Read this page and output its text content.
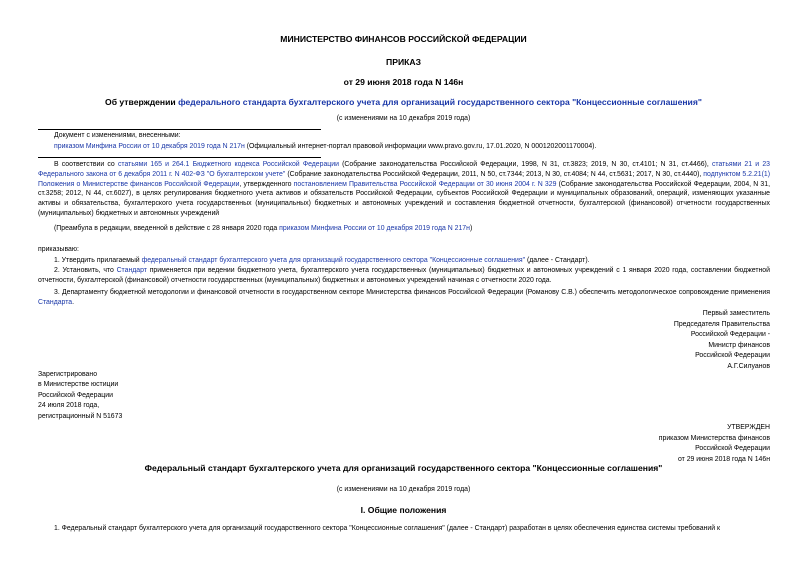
МИНИСТЕРСТВО ФИНАНСОВ РОССИЙСКОЙ ФЕДЕРАЦИИ
ПРИКАЗ
от 29 июня 2018 года N 146н
Об утверждении федерального стандарта бухгалтерского учета для организаций государственного сектора "Концессионные соглашения"
(с изменениями на 10 декабря 2019 года)
Документ с изменениями, внесенными:
приказом Минфина России от 10 декабря 2019 года N 217н (Официальный интернет-портал правовой информации www.pravo.gov.ru, 17.01.2020, N 0001202001170004).
В соответствии со статьями 165 и 264.1 Бюджетного кодекса Российской Федерации (Собрание законодательства Российской Федерации, 1998, N 31, ст.3823; 2019, N 30, ст.4101; N 31, ст.4466), статьями 21 и 23 Федерального закона от 6 декабря 2011 г. N 402-ФЗ "О бухгалтерском учете" (Собрание законодательства Российской Федерации, 2011, N 50, ст.7344; 2013, N 30, ст.4084; N 44, ст.5631; 2017, N 30, ст.4440), подпунктом 5.2.21(1) Положения о Министерстве финансов Российской Федерации, утвержденного постановлением Правительства Российской Федерации от 30 июня 2004 г. N 329 (Собрание законодательства Российской Федерации, 2004, N 31, ст.3258; 2012, N 44, ст.6027), в целях регулирования бюджетного учета активов и обязательств Российской Федерации, субъектов Российской Федерации и муниципальных образований, операций, изменяющих указанные активы и обязательства, бухгалтерского учета государственных (муниципальных) бюджетных и автономных учреждений и составления бюджетной отчетности, бухгалтерской (финансовой) отчетности государственных (муниципальных) бюджетных и автономных учреждений
(Преамбула в редакции, введенной в действие с 28 января 2020 года приказом Минфина России от 10 декабря 2019 года N 217н)
приказываю:
1. Утвердить прилагаемый федеральный стандарт бухгалтерского учета для организаций государственного сектора "Концессионные соглашения" (далее - Стандарт).
2. Установить, что Стандарт применяется при ведении бюджетного учета, бухгалтерского учета государственных (муниципальных) бюджетных и автономных учреждений с 1 января 2020 года, составлении бюджетной отчетности, бухгалтерской (финансовой) отчетности государственных (муниципальных) бюджетных и автономных учреждений начиная с отчетности 2020 года.
3. Департаменту бюджетной методологии и финансовой отчетности в государственном секторе Министерства финансов Российской Федерации (Романову С.В.) обеспечить методологическое сопровождение применения Стандарта.
Первый заместитель
Председателя Правительства
Российской Федерации -
Министр финансов
Российской Федерации
А.Г.Силуанов
Зарегистрировано
в Министерстве юстиции
Российской Федерации
24 июля 2018 года,
регистрационный N 51673
УТВЕРЖДЕН
приказом Министерства финансов
Российской Федерации
от 29 июня 2018 года N 146н
Федеральный стандарт бухгалтерского учета для организаций государственного сектора "Концессионные соглашения"
(с изменениями на 10 декабря 2019 года)
I. Общие положения
1. Федеральный стандарт бухгалтерского учета для организаций государственного сектора "Концессионные соглашения" (далее - Стандарт) разработан в целях обеспечения единства системы требований к
